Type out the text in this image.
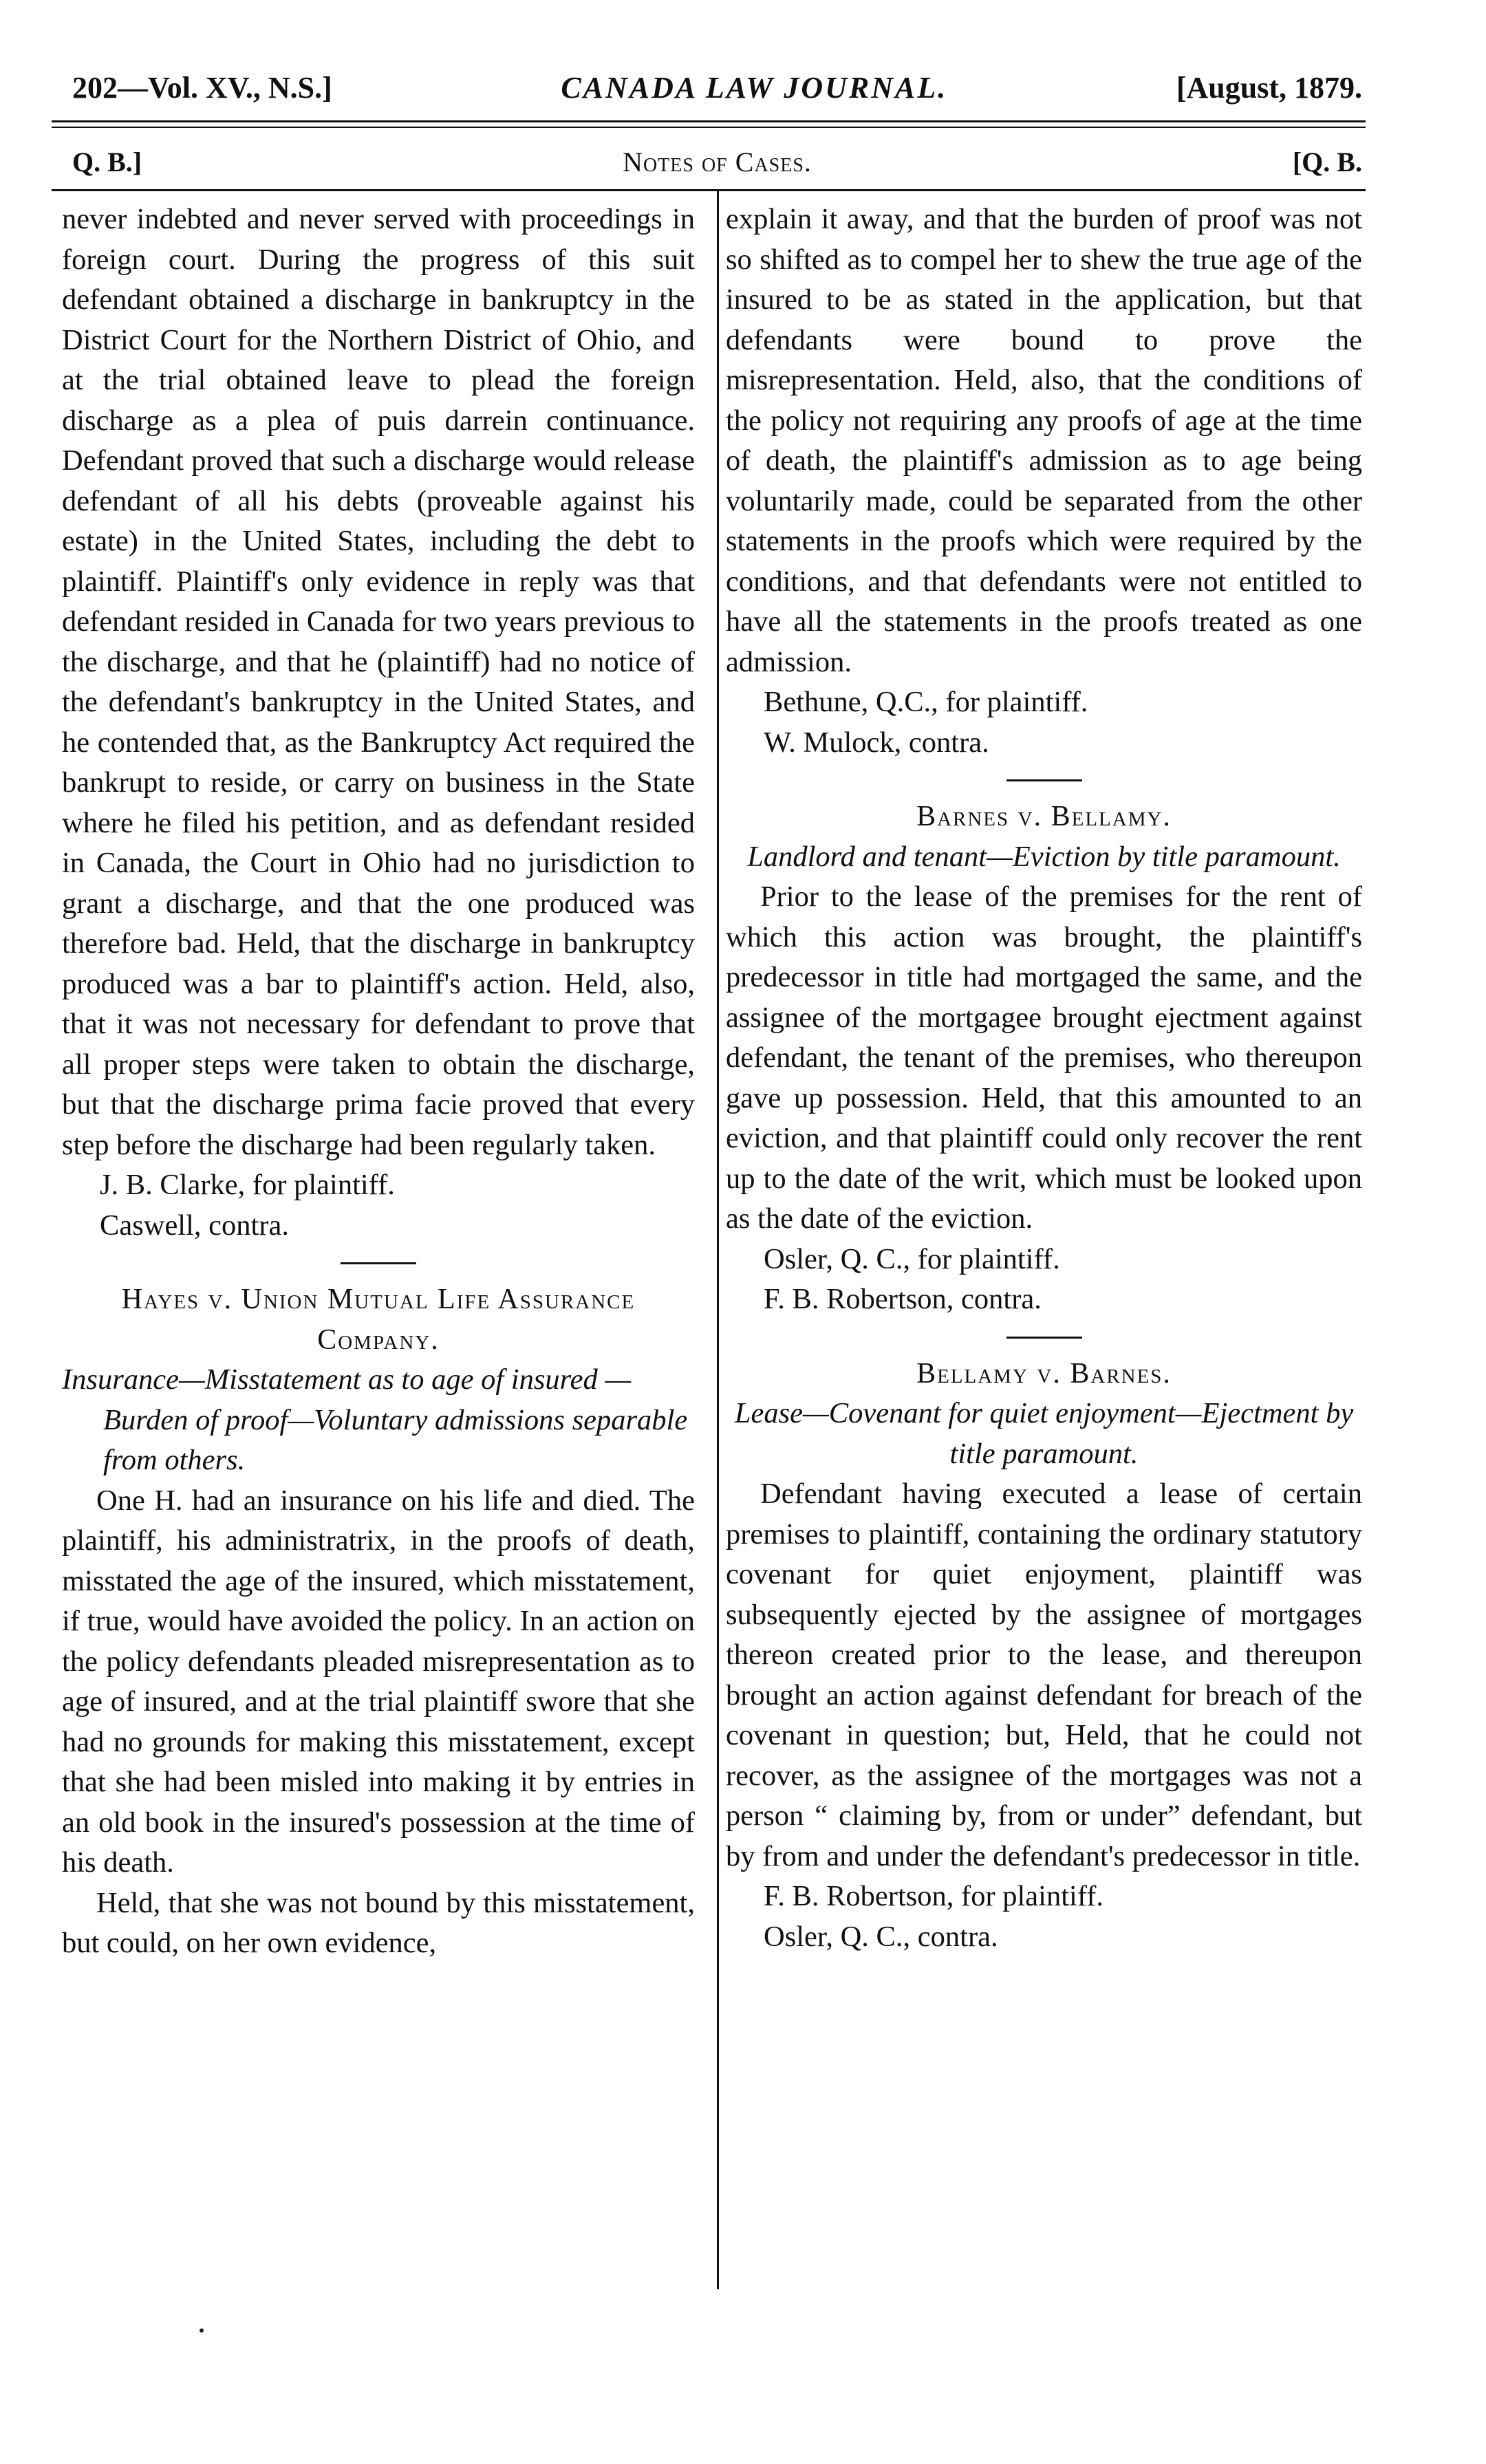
202—Vol. XV., N.S.]	CANADA LAW JOURNAL.	[August, 1879.
Q. B.]	Notes of Cases.	[Q. B.

never indebted and never served with proceedings in foreign court. During the progress of this suit defendant obtained a discharge in bankruptcy in the District Court for the Northern District of Ohio, and at the trial obtained leave to plead the foreign discharge as a plea of puis darrein continuance. Defendant proved that such a discharge would release defendant of all his debts (proveable against his estate) in the United States, including the debt to plaintiff. Plaintiff's only evidence in reply was that defendant resided in Canada for two years previous to the discharge, and that he (plaintiff) had no notice of the defendant's bankruptcy in the United States, and he contended that, as the Bankruptcy Act required the bankrupt to reside, or carry on business in the State where he filed his petition, and as defendant resided in Canada, the Court in Ohio had no jurisdiction to grant a discharge, and that the one produced was therefore bad. Held, that the discharge in bankruptcy produced was a bar to plaintiff's action. Held, also, that it was not necessary for defendant to prove that all proper steps were taken to obtain the discharge, but that the discharge prima facie proved that every step before the discharge had been regularly taken.

J. B. Clarke, for plaintiff.

Caswell, contra.

Hayes v. Union Mutual Life Assurance Company.

Insurance—Misstatement as to age of insured —Burden of proof—Voluntary admissions separable from others.

One H. had an insurance on his life and died. The plaintiff, his administratrix, in the proofs of death, misstated the age of the insured, which misstatement, if true, would have avoided the policy. In an action on the policy defendants pleaded misrepresentation as to age of insured, and at the trial plaintiff swore that she had no grounds for making this misstatement, except that she had been misled into making it by entries in an old book in the insured's possession at the time of his death.

Held, that she was not bound by this misstatement, but could, on her own evidence,

explain it away, and that the burden of proof was not so shifted as to compel her to shew the true age of the insured to be as stated in the application, but that defendants were bound to prove the misrepresentation. Held, also, that the conditions of the policy not requiring any proofs of age at the time of death, the plaintiff's admission as to age being voluntarily made, could be separated from the other statements in the proofs which were required by the conditions, and that defendants were not entitled to have all the statements in the proofs treated as one admission.

Bethune, Q.C., for plaintiff.

W. Mulock, contra.

Barnes v. Bellamy.

Landlord and tenant—Eviction by title paramount.

Prior to the lease of the premises for the rent of which this action was brought, the plaintiff's predecessor in title had mortgaged the same, and the assignee of the mortgagee brought ejectment against defendant, the tenant of the premises, who thereupon gave up possession. Held, that this amounted to an eviction, and that plaintiff could only recover the rent up to the date of the writ, which must be looked upon as the date of the eviction.

Osler, Q. C., for plaintiff.

F. B. Robertson, contra.

Bellamy v. Barnes.

Lease—Covenant for quiet enjoyment—Ejectment by title paramount.

Defendant having executed a lease of certain premises to plaintiff, containing the ordinary statutory covenant for quiet enjoyment, plaintiff was subsequently ejected by the assignee of mortgages thereon created prior to the lease, and thereupon brought an action against defendant for breach of the covenant in question; but, Held, that he could not recover, as the assignee of the mortgages was not a person “ claiming by, from or under” defendant, but by from and under the defendant's predecessor in title.

F. B. Robertson, for plaintiff.

Osler, Q. C., contra.
